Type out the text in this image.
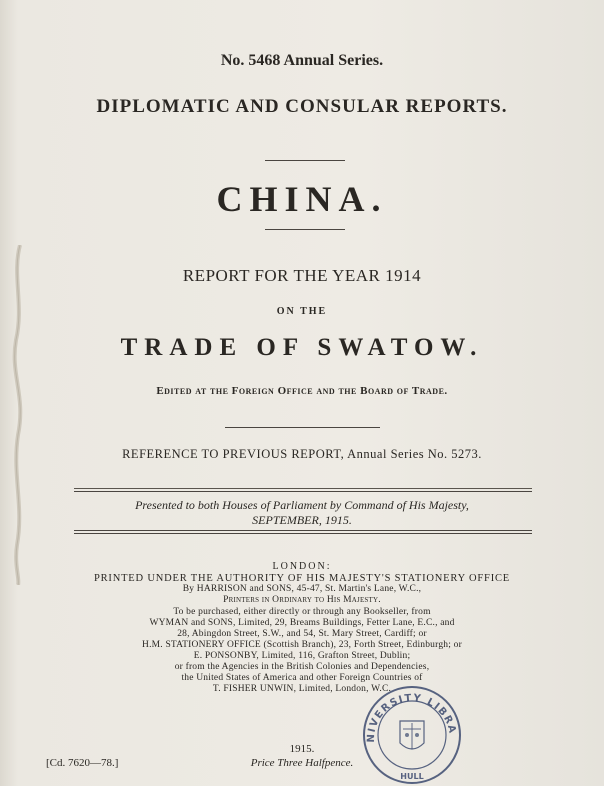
No. 5468 Annual Series.
DIPLOMATIC AND CONSULAR REPORTS.
CHINA.
REPORT FOR THE YEAR 1914
ON THE
TRADE OF SWATOW.
Edited at the Foreign Office and the Board of Trade.
REFERENCE TO PREVIOUS REPORT, Annual Series No. 5273.
Presented to both Houses of Parliament by Command of His Majesty,
SEPTEMBER, 1915.
LONDON:
PRINTED UNDER THE AUTHORITY OF HIS MAJESTY'S STATIONERY OFFICE
By HARRISON and SONS, 45-47, St. Martin's Lane, W.C.,
Printers in Ordinary to His Majesty.
To be purchased, either directly or through any Bookseller, from
WYMAN and SONS, Limited, 29, Breams Buildings, Fetter Lane, E.C., and
28, Abingdon Street, S.W., and 54, St. Mary Street, Cardiff; or
H.M. STATIONERY OFFICE (Scottish Branch), 23, Forth Street, Edinburgh; or
E. PONSONBY, Limited, 116, Grafton Street, Dublin;
or from the Agencies in the British Colonies and Dependencies,
the United States of America and other Foreign Countries of
T. FISHER UNWIN, Limited, London, W.C.
1915.
Price Three Halfpence.
[Cd. 7620—78.]
NIVERSITY LIBRA
HULL
